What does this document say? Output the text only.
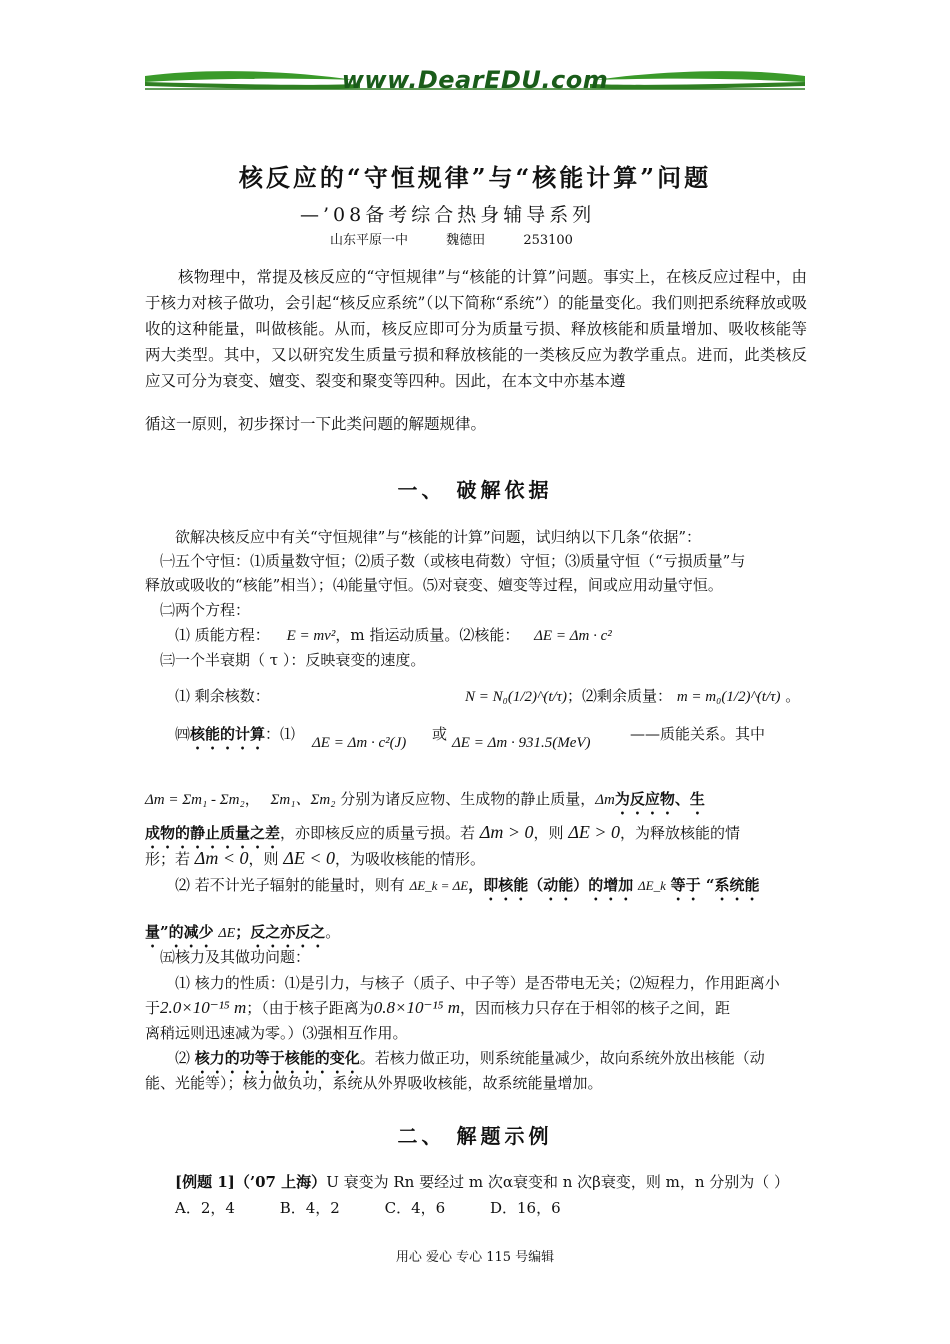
www.DearEDU.com
核反应的“守恒规律”与“核能计算”问题
—’08备考综合热身辅导系列
山东平原一中	魏德田	253100
核物理中，常提及核反应的“守恒规律”与“核能的计算”问题。事实上，在核反应过程中，由于核力对核子做功，会引起“核反应系统”（以下简称“系统”）的能量变化。我们则把系统释放或吸收的这种能量，叫做核能。从而，核反应即可分为质量亏损、释放核能和质量增加、吸收核能等两大类型。其中，又以研究发生质量亏损和释放核能的一类核反应为教学重点。进而，此类核反应又可分为衰变、嬗变、裂变和聚变等四种。因此，在本文中亦基本遵
循这一原则，初步探讨一下此类问题的解题规律。
一、 破解依据
欲解决核反应中有关“守恒规律”与“核能的计算”问题，试归纳以下几条“依据”：
㈠五个守恒：⑴质量数守恒；⑵质子数（或核电荷数）守恒；⑶质量守恒（“亏损质量”与
释放或吸收的“核能”相当）；⑷能量守恒。⑸对衰变、嬗变等过程，间或应用动量守恒。
㈡两个方程：
⑴ 质能方程： E = mv²，m 指运动质量。⑵核能： ΔE = Δm · c²
㈢一个半衰期（ τ ）：反映衰变的速度。
⑴ 剩余核数：	N = N₀(1/2)^(t/τ)；⑵剩余质量： m = m₀(1/2)^(t/τ) 。
㈣核能的计算：⑴	ΔE = Δm · c²(J) 或 ΔE = Δm · 931.5(MeV)	——质能关系。其中
Δm = Σm₁ - Σm₂， Σm₁、Σm₂ 分别为诸反应物、生成物的静止质量，Δm为反应物、生
成物的静止质量之差，亦即核反应的质量亏损。若 Δm > 0，则 ΔE > 0，为释放核能的情
形；若 Δm < 0，则 ΔE < 0，为吸收核能的情形。
⑵ 若不计光子辐射的能量时，则有 ΔE_k = ΔE，即核能（动能）的增加 ΔE_k 等于 “系统能
量”的减少 ΔE；反之亦反之。
㈤核力及其做功问题：
⑴ 核力的性质：⑴是引力，与核子（质子、中子等）是否带电无关；⑵短程力，作用距离小
于2.0×10⁻¹⁵ m；（由于核子距离为0.8×10⁻¹⁵ m，因而核力只存在于相邻的核子之间，距
离稍远则迅速减为零。）⑶强相互作用。
⑵ 核力的功等于核能的变化。若核力做正功，则系统能量减少，故向系统外放出核能（动
能、光能等）；核力做负功，系统从外界吸收核能，故系统能量增加。
二、 解题示例
[例题 1]（’07 上海）U 衰变为 Rn 要经过 m 次α衰变和 n 次β衰变，则 m，n 分别为（ ）
A．2，4	B．4，2	C．4，6	D．16，6
用心 爱心 专心 115 号编辑
